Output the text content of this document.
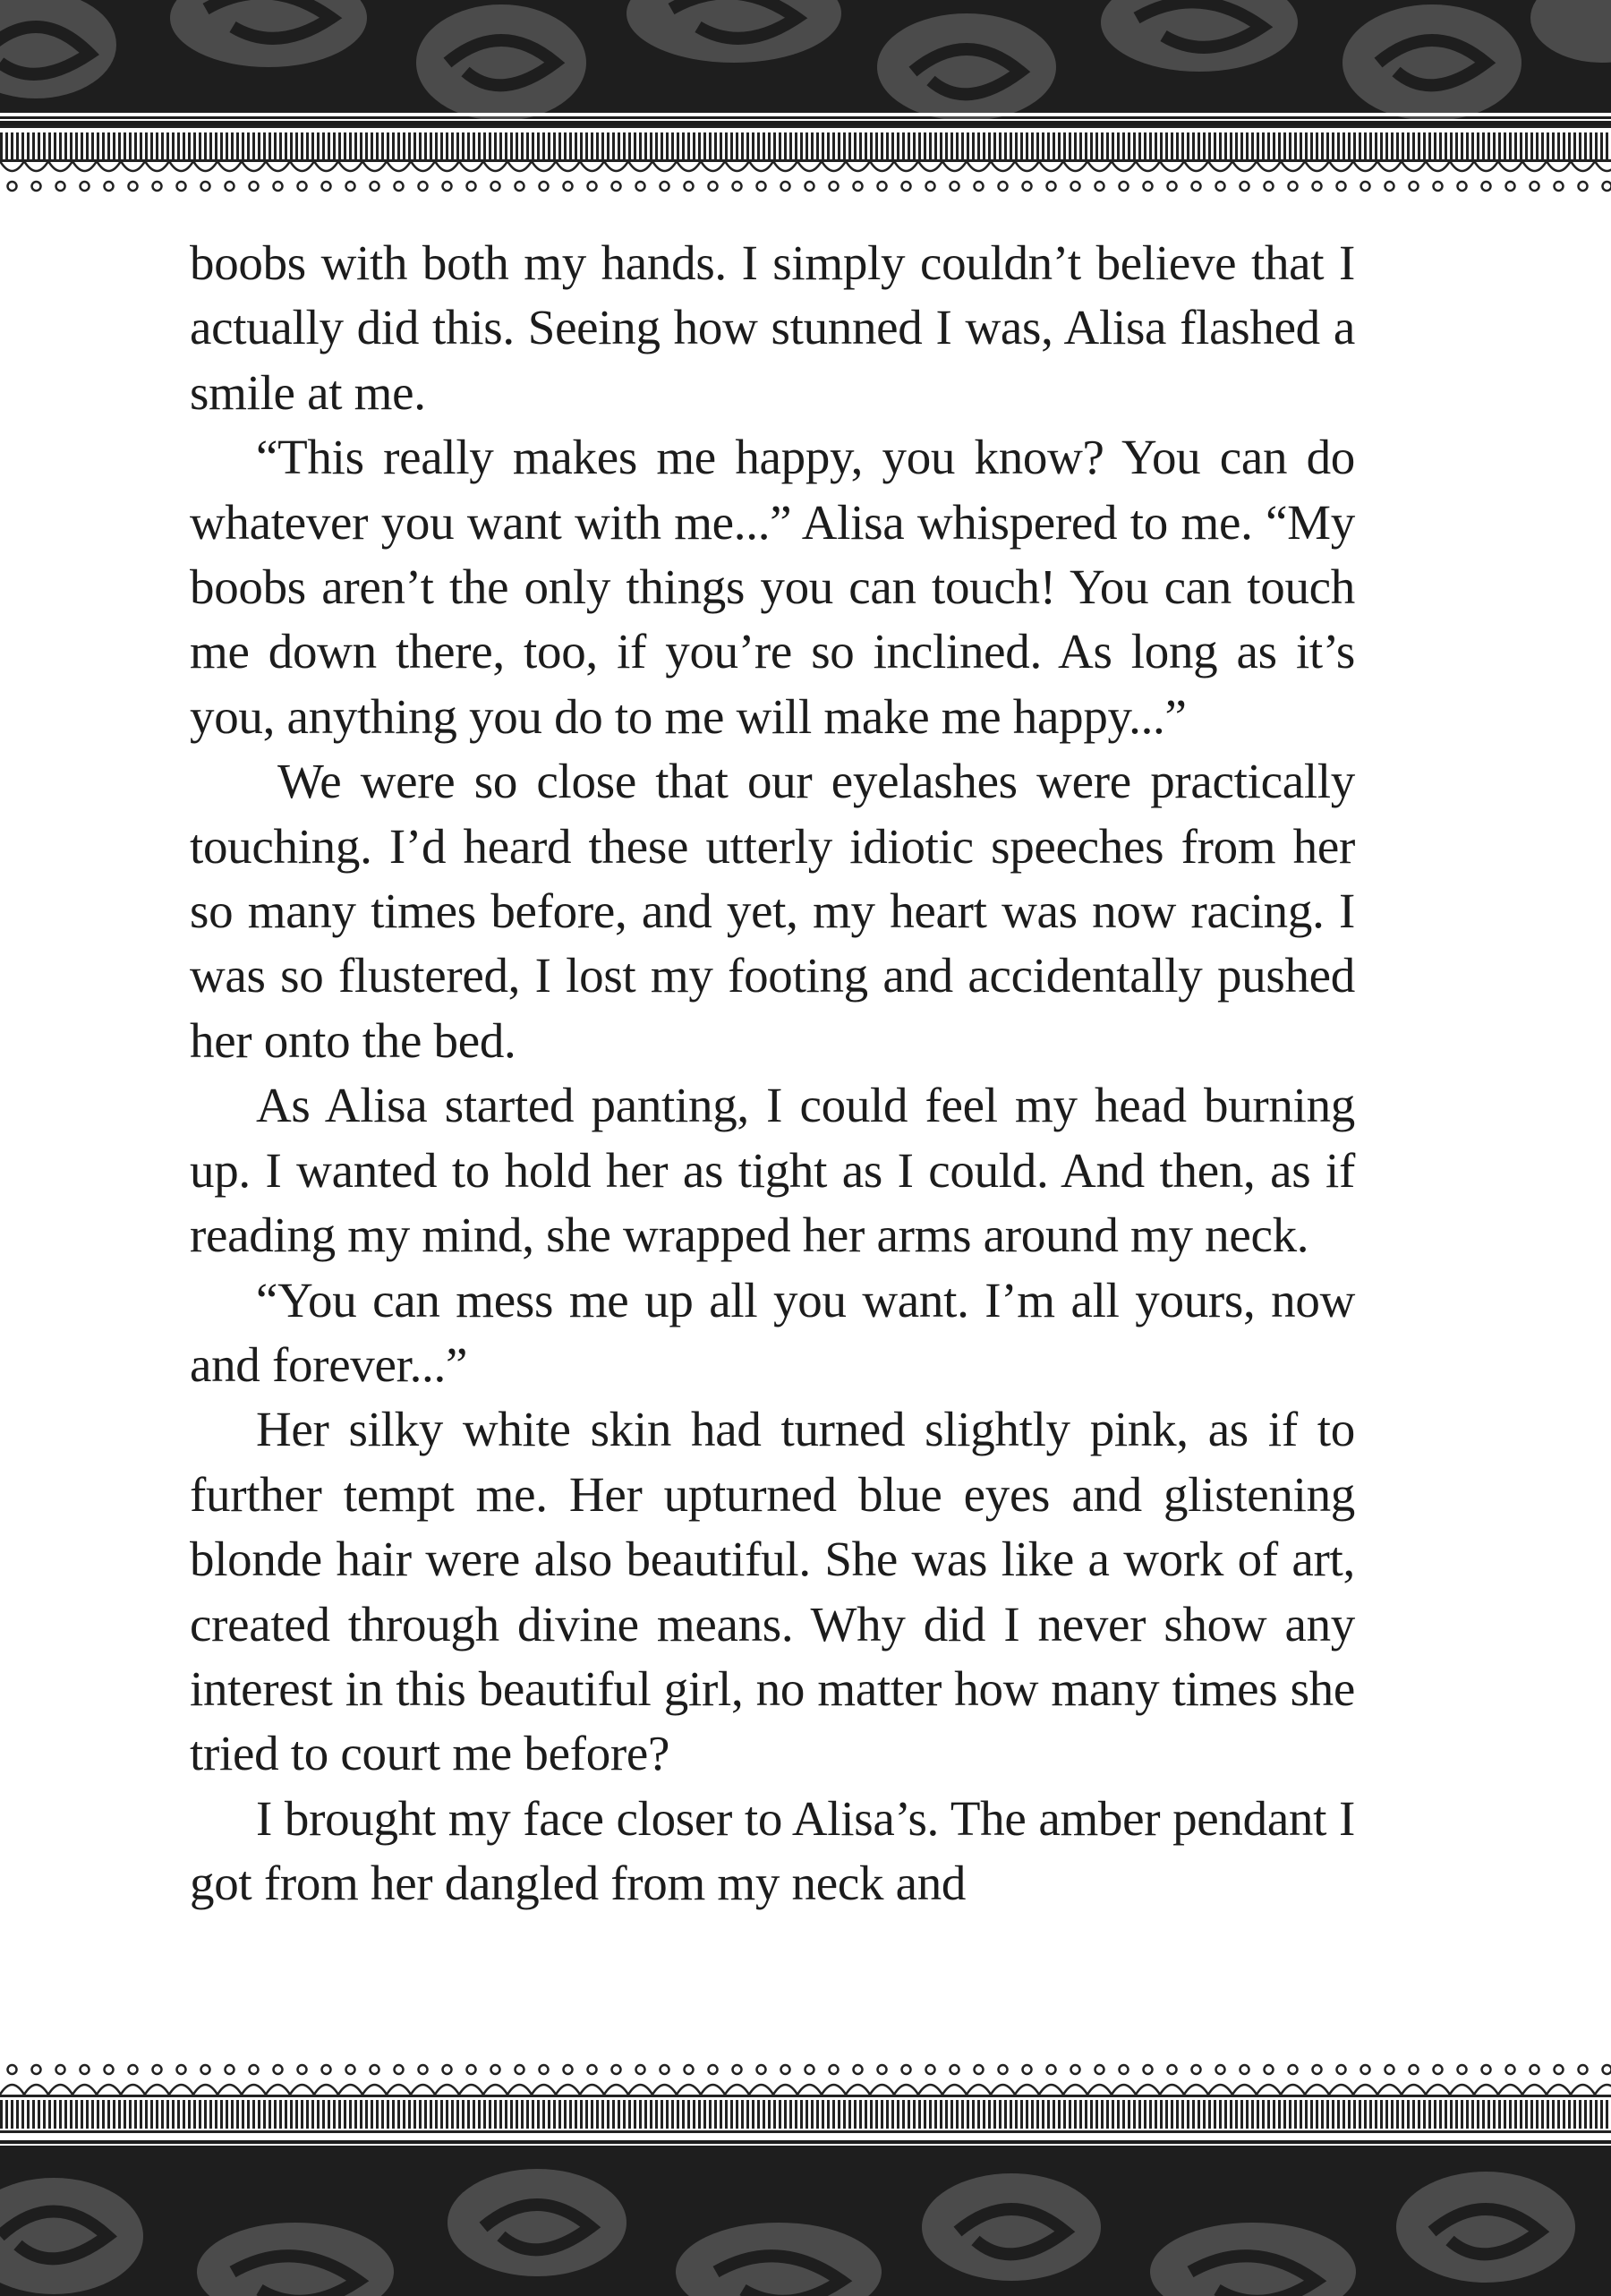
boobs with both my hands. I simply couldn’t believe that I actually did this. Seeing how stunned I was, Alisa flashed a smile at me.

“This really makes me happy, you know? You can do whatever you want with me...” Alisa whispered to me. “My boobs aren’t the only things you can touch! You can touch me down there, too, if you’re so inclined. As long as it’s you, anything you do to me will make me happy...”

We were so close that our eyelashes were practically touching. I’d heard these utterly idiotic speeches from her so many times before, and yet, my heart was now racing. I was so flustered, I lost my footing and accidentally pushed her onto the bed.

As Alisa started panting, I could feel my head burning up. I wanted to hold her as tight as I could. And then, as if reading my mind, she wrapped her arms around my neck.

“You can mess me up all you want. I’m all yours, now and forever...”

Her silky white skin had turned slightly pink, as if to further tempt me. Her upturned blue eyes and glistening blonde hair were also beautiful. She was like a work of art, created through divine means. Why did I never show any interest in this beautiful girl, no matter how many times she tried to court me before?

I brought my face closer to Alisa’s. The amber pendant I got from her dangled from my neck and
